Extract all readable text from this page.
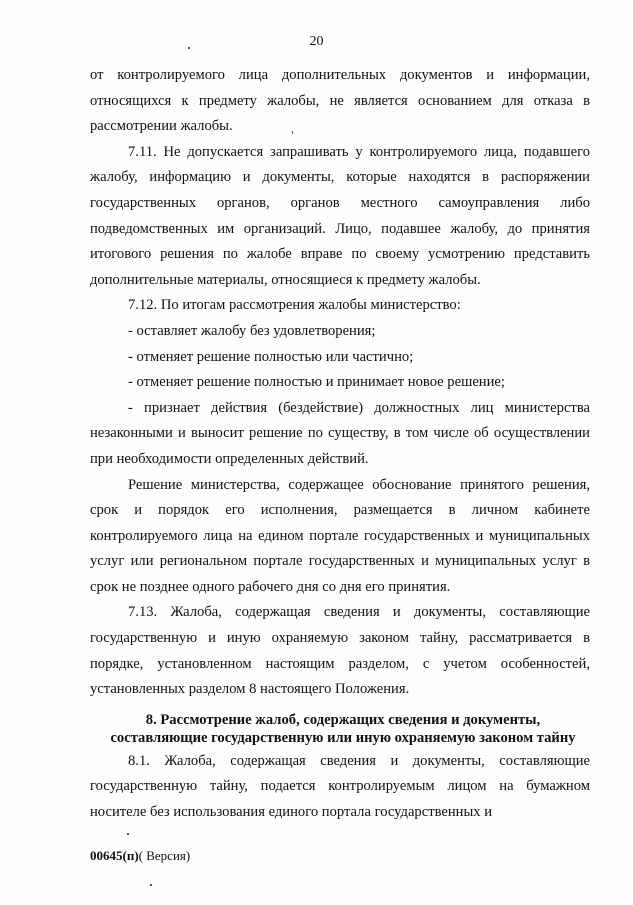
20

от контролируемого лица дополнительных документов и информации, относящихся к предмету жалобы, не является основанием для отказа в рассмотрении жалобы.

7.11. Не допускается запрашивать у контролируемого лица, подавшего жалобу, информацию и документы, которые находятся в распоряжении государственных органов, органов местного самоуправления либо подведомственных им организаций. Лицо, подавшее жалобу, до принятия итогового решения по жалобе вправе по своему усмотрению представить дополнительные материалы, относящиеся к предмету жалобы.

7.12. По итогам рассмотрения жалобы министерство:

- оставляет жалобу без удовлетворения;

- отменяет решение полностью или частично;

- отменяет решение полностью и принимает новое решение;

- признает действия (бездействие) должностных лиц министерства незаконными и выносит решение по существу, в том числе об осуществлении при необходимости определенных действий.

Решение министерства, содержащее обоснование принятого решения, срок и порядок его исполнения, размещается в личном кабинете контролируемого лица на едином портале государственных и муниципальных услуг или региональном портале государственных и муниципальных услуг в срок не позднее одного рабочего дня со дня его принятия.

7.13. Жалоба, содержащая сведения и документы, составляющие государственную и иную охраняемую законом тайну, рассматривается в порядке, установленном настоящим разделом, с учетом особенностей, установленных разделом 8 настоящего Положения.

8. Рассмотрение жалоб, содержащих сведения и документы,
составляющие государственную или иную охраняемую законом тайну

8.1. Жалоба, содержащая сведения и документы, составляющие государственную тайну, подается контролируемым лицом на бумажном носителе без использования единого портала государственных и

00645(п)( Версия)
